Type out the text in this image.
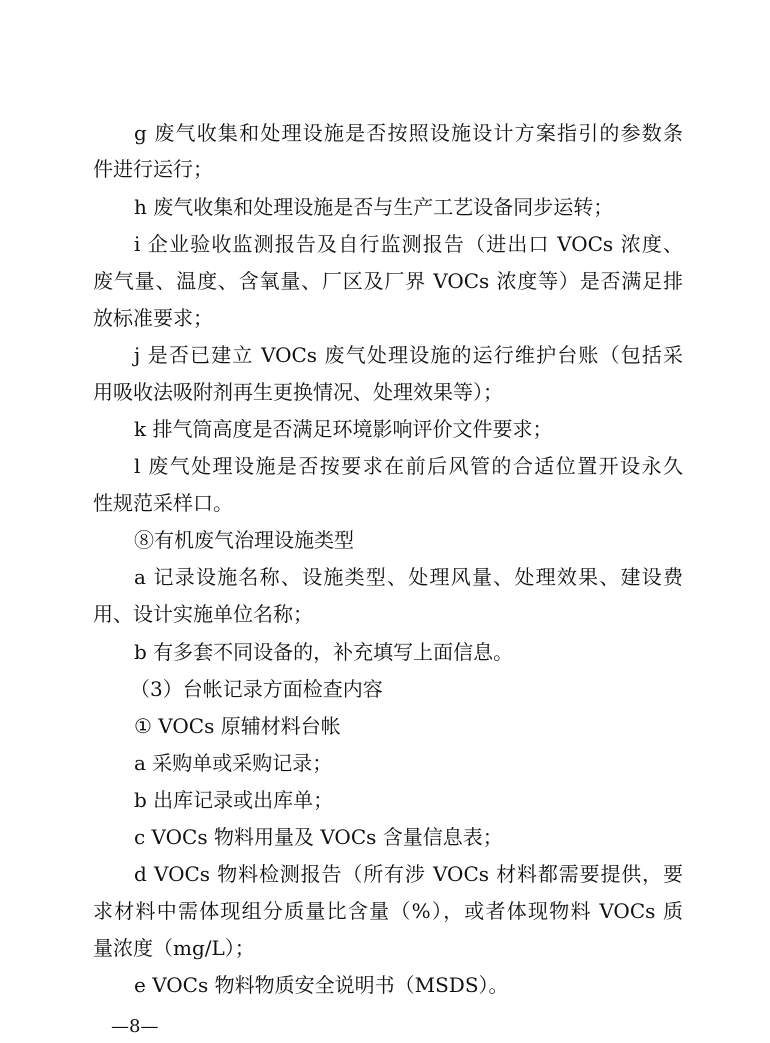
g 废气收集和处理设施是否按照设施设计方案指引的参数条
件进行运行；
h 废气收集和处理设施是否与生产工艺设备同步运转；
i 企业验收监测报告及自行监测报告（进出口 VOCs 浓度、
废气量、温度、含氧量、厂区及厂界 VOCs 浓度等）是否满足排
放标准要求；
j 是否已建立 VOCs 废气处理设施的运行维护台账（包括采
用吸收法吸附剂再生更换情况、处理效果等）；
k 排气筒高度是否满足环境影响评价文件要求；
l 废气处理设施是否按要求在前后风管的合适位置开设永久
性规范采样口。
⑧有机废气治理设施类型
a 记录设施名称、设施类型、处理风量、处理效果、建设费
用、设计实施单位名称；
b 有多套不同设备的，补充填写上面信息。
（3）台帐记录方面检查内容
① VOCs 原辅材料台帐
a 采购单或采购记录；
b 出库记录或出库单；
c VOCs 物料用量及 VOCs 含量信息表；
d VOCs 物料检测报告（所有涉 VOCs 材料都需要提供，要
求材料中需体现组分质量比含量（%），或者体现物料 VOCs 质
量浓度（mg/L）；
e VOCs 物料物质安全说明书（MSDS）。
—8—
